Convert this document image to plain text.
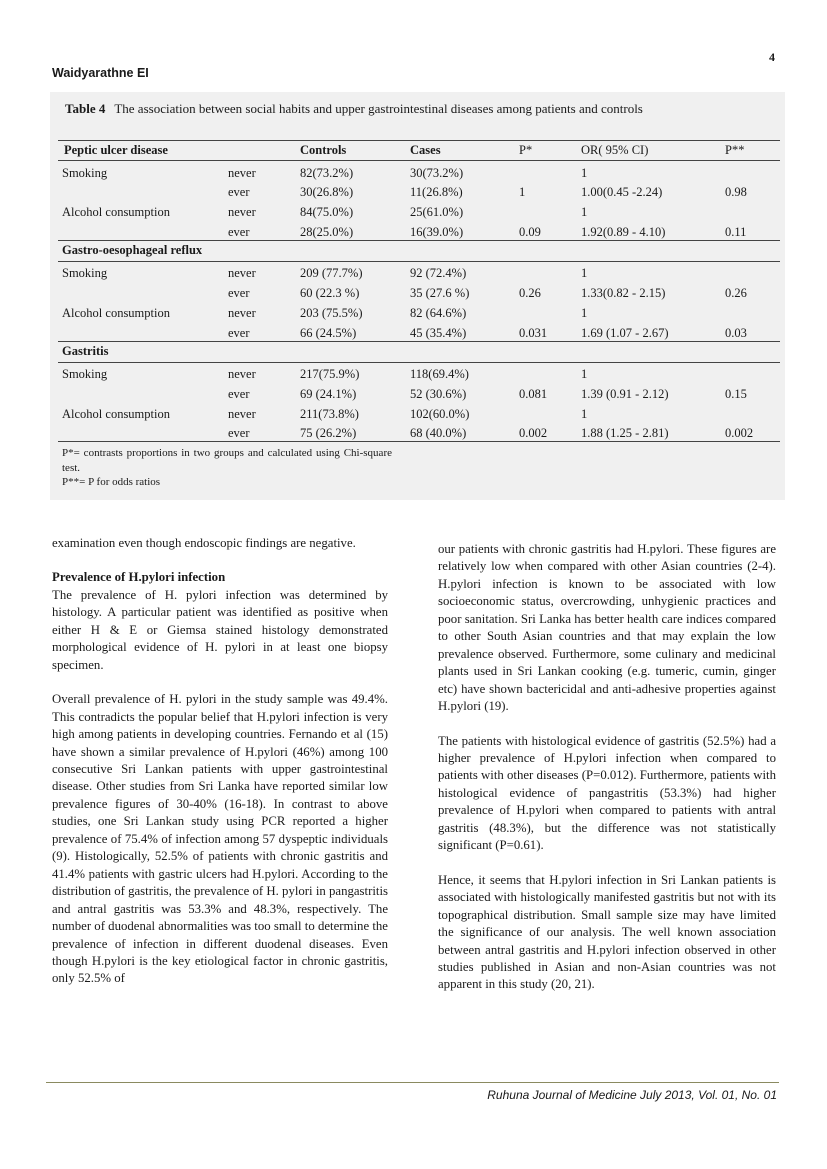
4
Waidyarathne EI
Table 4 The association between social habits and upper gastrointestinal diseases among patients and controls
Peptic ulcer disease		Controls	Cases	P*	OR( 95% CI)	P**
Smoking	never	82(73.2%)	30(73.2%)		1	
	ever	30(26.8%)	11(26.8%)	1	1.00(0.45 -2.24)	0.98
Alcohol consumption	never	84(75.0%)	25(61.0%)		1	
	ever	28(25.0%)	16(39.0%)	0.09	1.92(0.89 - 4.10)	0.11
Gastro-oesophageal reflux						
Smoking	never	209 (77.7%)	92 (72.4%)		1	
	ever	60 (22.3 %)	35 (27.6 %)	0.26	1.33(0.82 - 2.15)	0.26
Alcohol consumption	never	203 (75.5%)	82 (64.6%)		1	
	ever	66 (24.5%)	45 (35.4%)	0.031	1.69 (1.07 - 2.67)	0.03
Gastritis						
Smoking	never	217(75.9%)	118(69.4%)		1	
	ever	69 (24.1%)	52 (30.6%)	0.081	1.39 (0.91 - 2.12)	0.15
Alcohol consumption	never	211(73.8%)	102(60.0%)		1	
	ever	75 (26.2%)	68 (40.0%)	0.002	1.88 (1.25 - 2.81)	0.002
P*= contrasts proportions in two groups and calculated using Chi-square test.
P**= P for odds ratios

examination even though endoscopic findings are negative.

Prevalence of H.pylori infection

The prevalence of H. pylori infection was determined by histology. A particular patient was identified as positive when either H & E or Giemsa stained histology demonstrated morphological evidence of H. pylori in at least one biopsy specimen.

Overall prevalence of H. pylori in the study sample was 49.4%. This contradicts the popular belief that H.pylori infection is very high among patients in developing countries. Fernando et al (15) have shown a similar prevalence of H.pylori (46%) among 100 consecutive Sri Lankan patients with upper gastrointestinal disease. Other studies from Sri Lanka have reported similar low prevalence figures of 30-40% (16-18). In contrast to above studies, one Sri Lankan study using PCR reported a higher prevalence of 75.4% of infection among 57 dyspeptic individuals (9). Histologically, 52.5% of patients with chronic gastritis and 41.4% patients with gastric ulcers had H.pylori. According to the distribution of gastritis, the prevalence of H. pylori in pangastritis and antral gastritis was 53.3% and 48.3%, respectively. The number of duodenal abnormalities was too small to determine the prevalence of infection in different duodenal diseases. Even though H.pylori is the key etiological factor in chronic gastritis, only 52.5% of

our patients with chronic gastritis had H.pylori. These figures are relatively low when compared with other Asian countries (2-4). H.pylori infection is known to be associated with low socioeconomic status, overcrowding, unhygienic practices and poor sanitation. Sri Lanka has better health care indices compared to other South Asian countries and that may explain the low prevalence observed. Furthermore, some culinary and medicinal plants used in Sri Lankan cooking (e.g. tumeric, cumin, ginger etc) have shown bactericidal and anti-adhesive properties against H.pylori (19).

The patients with histological evidence of gastritis (52.5%) had a higher prevalence of H.pylori infection when compared to patients with other diseases (P=0.012). Furthermore, patients with histological evidence of pangastritis (53.3%) had higher prevalence of H.pylori when compared to patients with antral gastritis (48.3%), but the difference was not statistically significant (P=0.61).

Hence, it seems that H.pylori infection in Sri Lankan patients is associated with histologically manifested gastritis but not with its topographical distribution. Small sample size may have limited the significance of our analysis. The well known association between antral gastritis and H.pylori infection observed in other studies published in Asian and non-Asian countries was not apparent in this study (20, 21).

Ruhuna Journal of Medicine July 2013, Vol. 01, No. 01
